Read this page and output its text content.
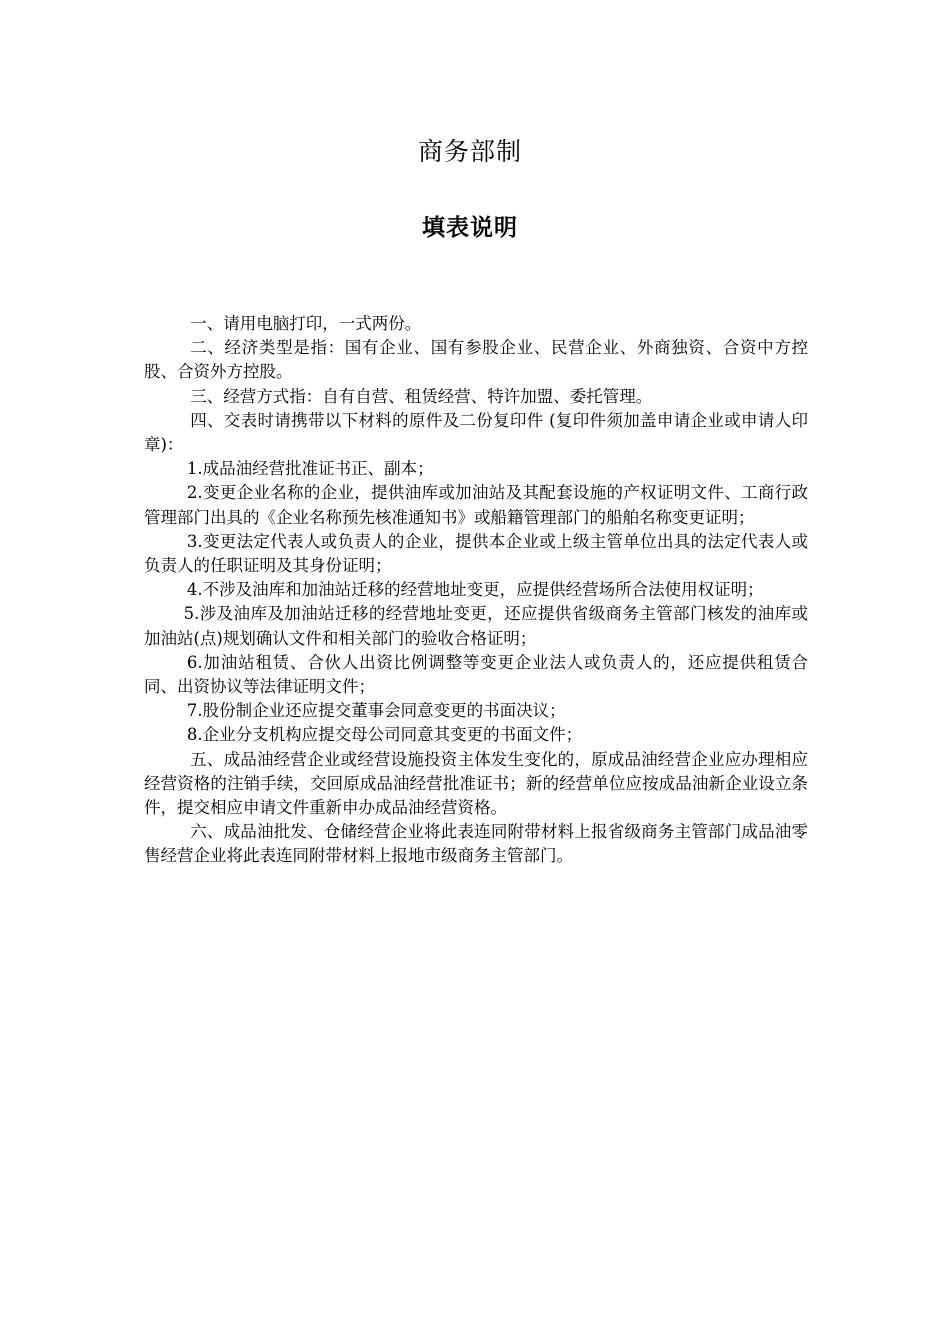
商务部制
填表说明

一、请用电脑打印，一式两份。

二、经济类型是指：国有企业、国有参股企业、民营企业、外商独资、合资中方控股、合资外方控股。

三、经营方式指：自有自营、租赁经营、特许加盟、委托管理。

四、交表时请携带以下材料的原件及二份复印件 (复印件须加盖申请企业或申请人印章)：

1.成品油经营批准证书正、副本；

2.变更企业名称的企业，提供油库或加油站及其配套设施的产权证明文件、工商行政管理部门出具的《企业名称预先核准通知书》或船籍管理部门的船舶名称变更证明；

3.变更法定代表人或负责人的企业，提供本企业或上级主管单位出具的法定代表人或负责人的任职证明及其身份证明；

4.不涉及油库和加油站迁移的经营地址变更，应提供经营场所合法使用权证明；

5.涉及油库及加油站迁移的经营地址变更，还应提供省级商务主管部门核发的油库或加油站(点)规划确认文件和相关部门的验收合格证明；

6.加油站租赁、合伙人出资比例调整等变更企业法人或负责人的，还应提供租赁合同、出资协议等法律证明文件；

7.股份制企业还应提交董事会同意变更的书面决议；

8.企业分支机构应提交母公司同意其变更的书面文件；

五、成品油经营企业或经营设施投资主体发生变化的，原成品油经营企业应办理相应经营资格的注销手续，交回原成品油经营批准证书；新的经营单位应按成品油新企业设立条件，提交相应申请文件重新申办成品油经营资格。

六、成品油批发、仓储经营企业将此表连同附带材料上报省级商务主管部门成品油零售经营企业将此表连同附带材料上报地市级商务主管部门。
